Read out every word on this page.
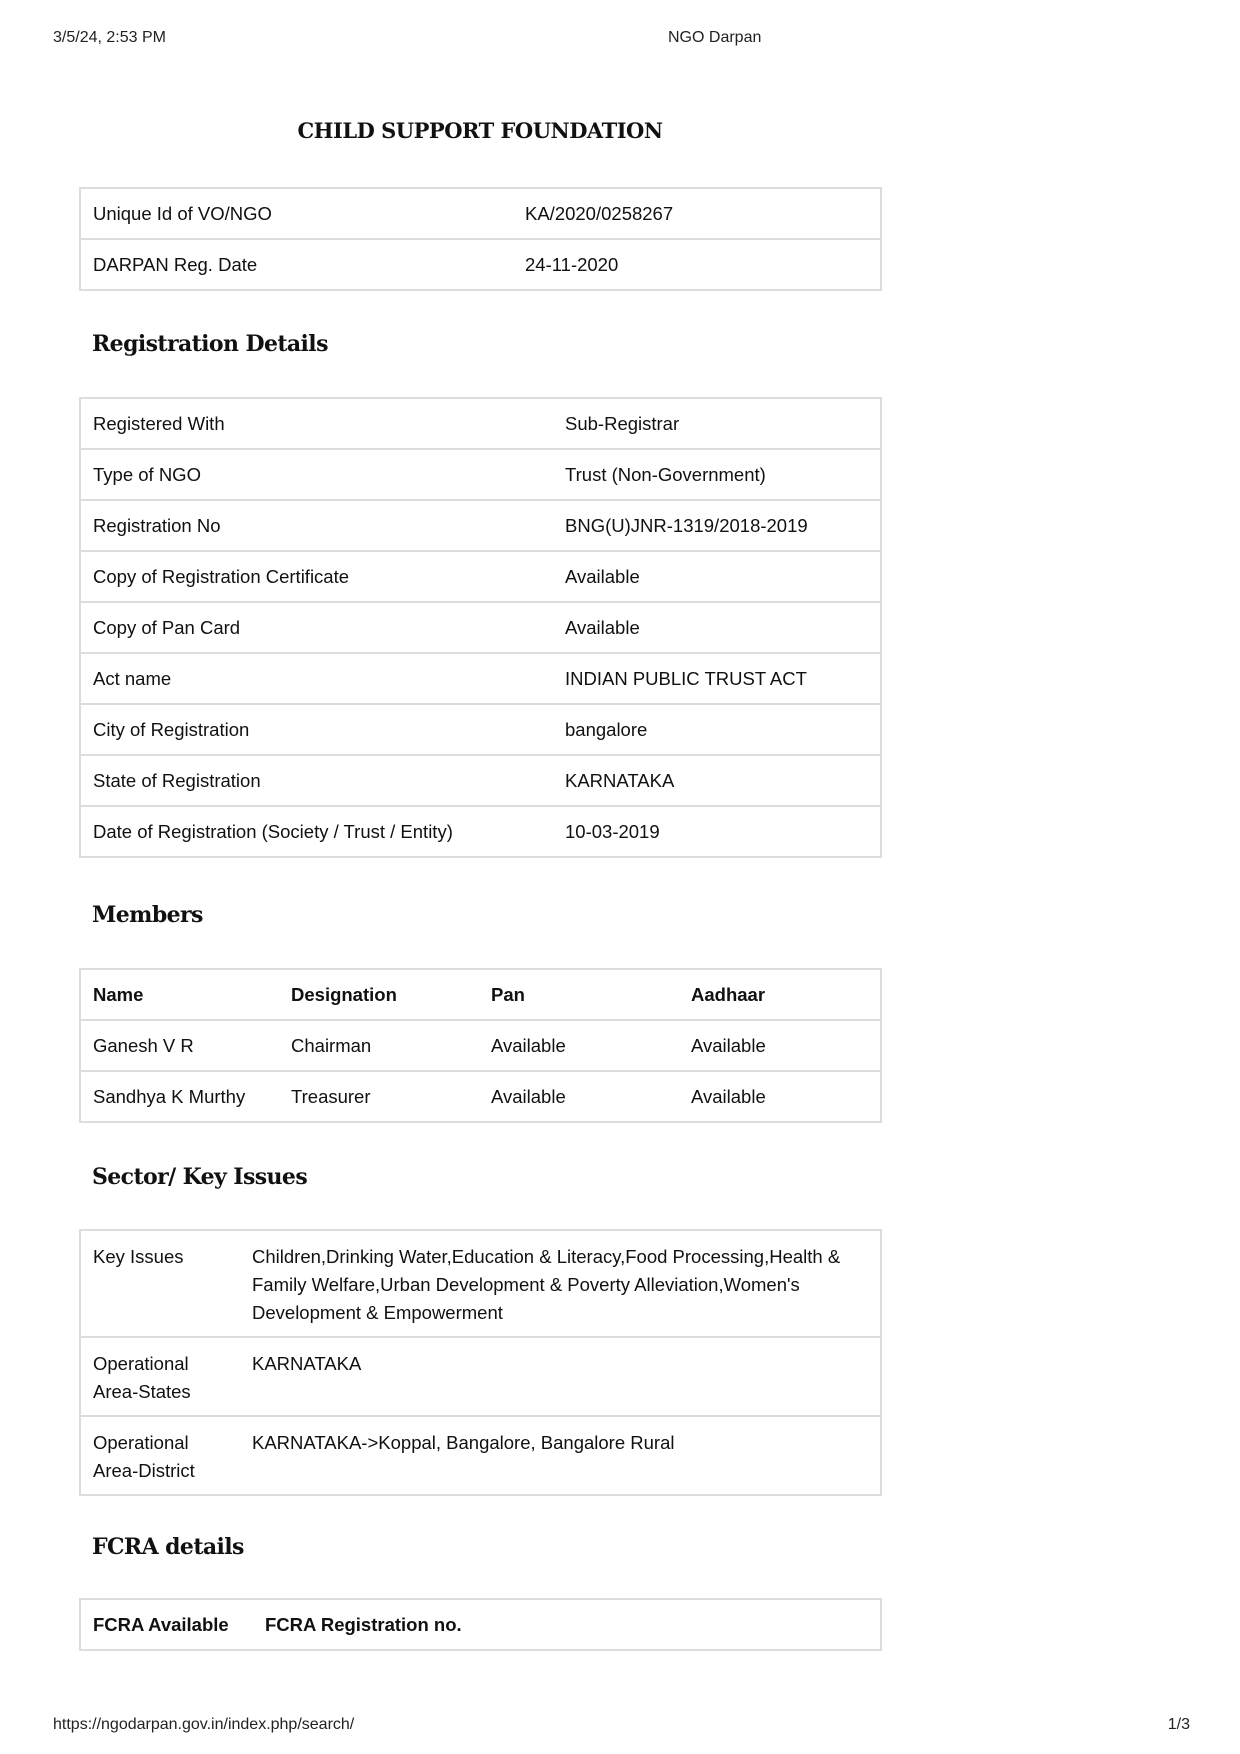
3/5/24, 2:53 PM	NGO Darpan
CHILD SUPPORT FOUNDATION
Unique Id of VO/NGO	KA/2020/0258267
DARPAN Reg. Date	24-11-2020
Registration Details
Registered With	Sub-Registrar
Type of NGO	Trust (Non-Government)
Registration No	BNG(U)JNR-1319/2018-2019
Copy of Registration Certificate	Available
Copy of Pan Card	Available
Act name	INDIAN PUBLIC TRUST ACT
City of Registration	bangalore
State of Registration	KARNATAKA
Date of Registration (Society / Trust / Entity)	10-03-2019
Members
Name	Designation	Pan	Aadhaar
Ganesh V R	Chairman	Available	Available
Sandhya K Murthy	Treasurer	Available	Available
Sector/ Key Issues
Key Issues	Children,Drinking Water,Education & Literacy,Food Processing,Health & Family Welfare,Urban Development & Poverty Alleviation,Women's Development & Empowerment
Operational Area-States	KARNATAKA
Operational Area-District	KARNATAKA->Koppal, Bangalore, Bangalore Rural
FCRA details
FCRA Available	FCRA Registration no.
https://ngodarpan.gov.in/index.php/search/	1/3
